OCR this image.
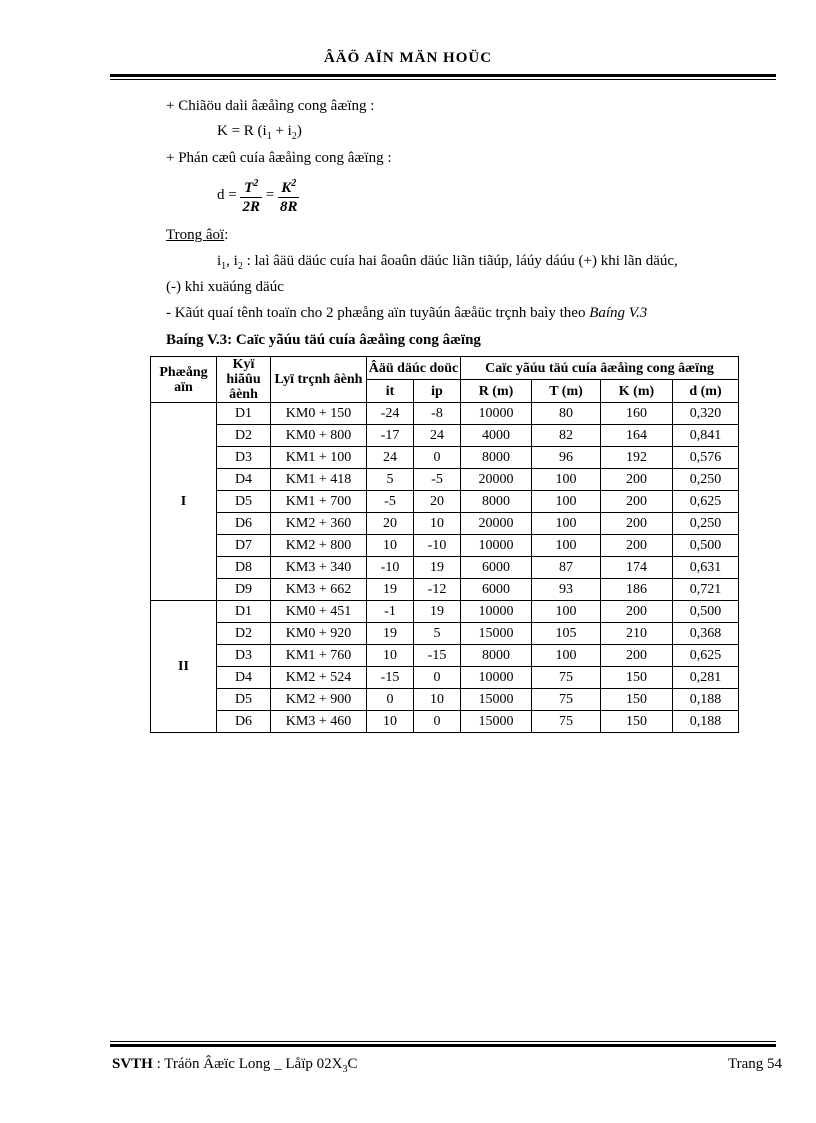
ÂÄÖ AÏN MÄN HOÜC
+ Chiãöu daìi âæåìng cong âæïng :
K = R $(i_1 + i_2)$
+ Phán cæû cuía âæåìng cong âæïng :
$d = \frac{T^2}{2R} = \frac{K^2}{8R}$
Trong âoï:
$i_1$, $i_2$ : laì âäü däúc cuía hai âoaûn däúc liãn tiãúp, láúy dáúu (+) khi lãn däúc,
(-) khi xuäúng däúc
- Kãút quaí tênh toaïn cho 2 phæång aïn tuyãún âæåüc trçnh baìy theo Baíng V.3
Baíng V.3: Caïc yãúu täú cuía âæåìng cong âæïng
Phæång aïn	Kyï hiãûu âènh	Lyï trçnh âènh	Âäü däúc doüc		Caïc yãúu täú cuía âæåìng cong âæïng			
			it	ip	R (m)	T (m)	K (m)	d (m)
I	D1	KM0 + 150	-24	-8	10000	80	160	0,320
	D2	KM0 + 800	-17	24	4000	82	164	0,841
	D3	KM1 + 100	24	0	8000	96	192	0,576
	D4	KM1 + 418	5	-5	20000	100	200	0,250
	D5	KM1 + 700	-5	20	8000	100	200	0,625
	D6	KM2 + 360	20	10	20000	100	200	0,250
	D7	KM2 + 800	10	-10	10000	100	200	0,500
	D8	KM3 + 340	-10	19	6000	87	174	0,631
	D9	KM3 + 662	19	-12	6000	93	186	0,721
II	D1	KM0 + 451	-1	19	10000	100	200	0,500
	D2	KM0 + 920	19	5	15000	105	210	0,368
	D3	KM1 + 760	10	-15	8000	100	200	0,625
	D4	KM2 + 524	-15	0	10000	75	150	0,281
	D5	KM2 + 900	0	10	15000	75	150	0,188
	D6	KM3 + 460	10	0	15000	75	150	0,188
SVTH : Tráön Âæïc Long _ Låïp $02X_3C$	Trang 54
